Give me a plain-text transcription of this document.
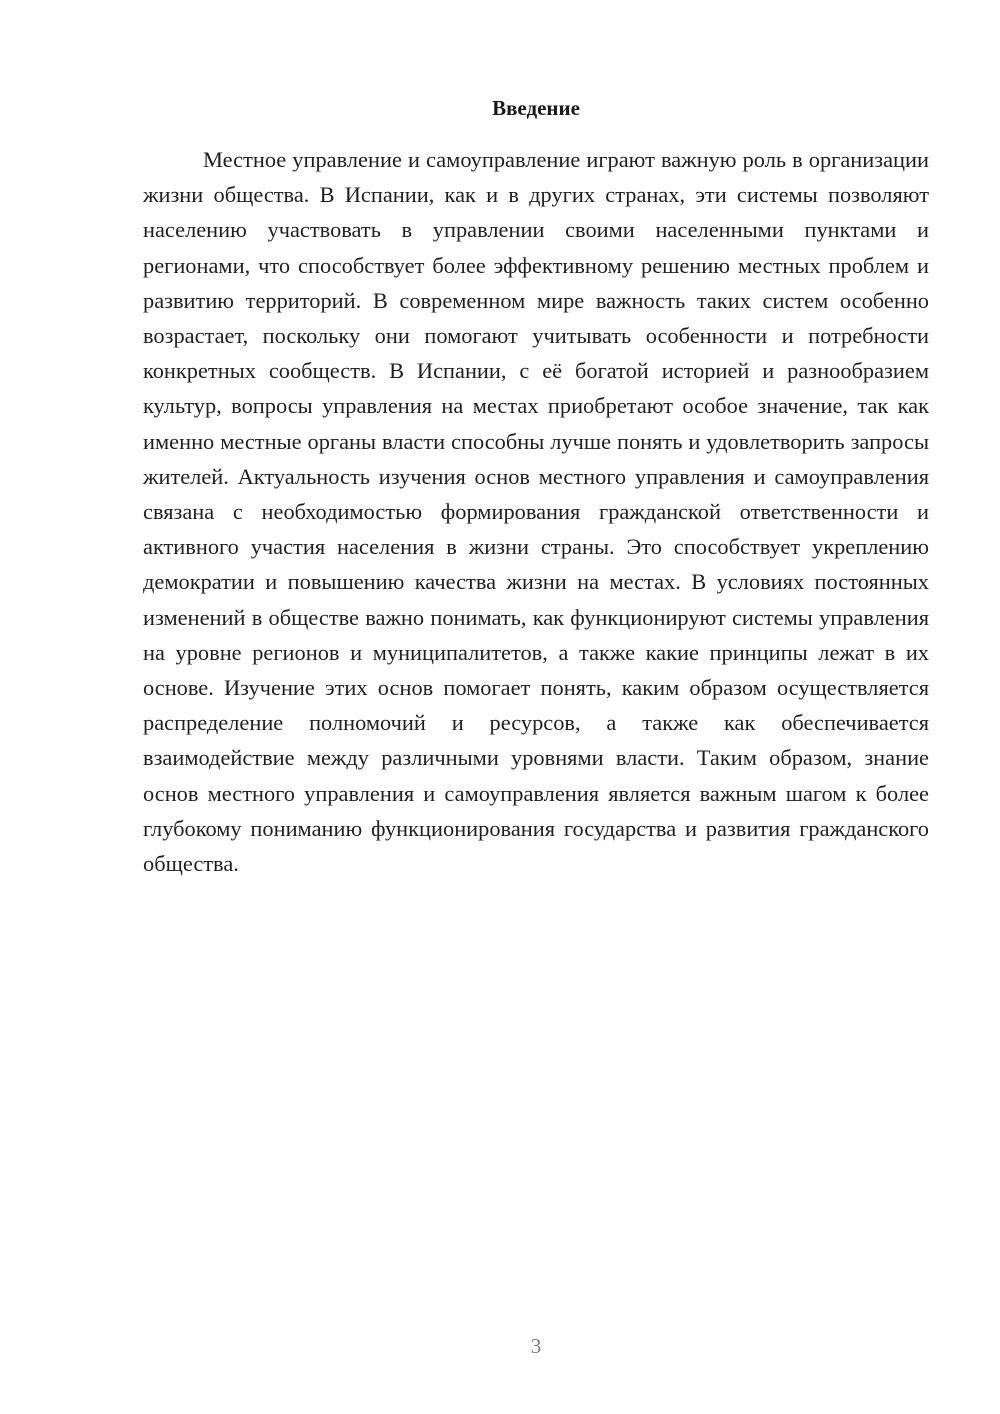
Введение

Местное управление и самоуправление играют важную роль в организации жизни общества. В Испании, как и в других странах, эти системы позволяют населению участвовать в управлении своими населенными пунктами и регионами, что способствует более эффективному решению местных проблем и развитию территорий. В современном мире важность таких систем особенно возрастает, поскольку они помогают учитывать особенности и потребности конкретных сообществ. В Испании, с её богатой историей и разнообразием культур, вопросы управления на местах приобретают особое значение, так как именно местные органы власти способны лучше понять и удовлетворить запросы жителей. Актуальность изучения основ местного управления и самоуправления связана с необходимостью формирования гражданской ответственности и активного участия населения в жизни страны. Это способствует укреплению демократии и повышению качества жизни на местах. В условиях постоянных изменений в обществе важно понимать, как функционируют системы управления на уровне регионов и муниципалитетов, а также какие принципы лежат в их основе. Изучение этих основ помогает понять, каким образом осуществляется распределение полномочий и ресурсов, а также как обеспечивается взаимодействие между различными уровнями власти. Таким образом, знание основ местного управления и самоуправления является важным шагом к более глубокому пониманию функционирования государства и развития гражданского общества.

3
